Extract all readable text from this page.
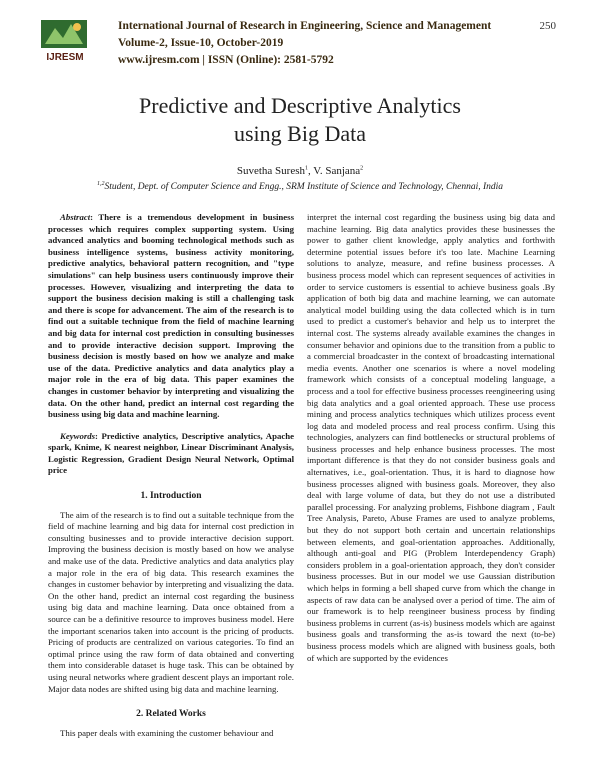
IJRESM
International Journal of Research in Engineering, Science and Management
Volume-2, Issue-10, October-2019
www.ijresm.com | ISSN (Online): 2581-5792
250
Predictive and Descriptive Analytics
using Big Data
Suvetha Suresh$^1$, V. Sanjana$^2$
$^{1,2}$Student, Dept. of Computer Science and Engg., SRM Institute of Science and Technology, Chennai, India

Abstract: There is a tremendous development in business processes which requires complex supporting system. Using advanced analytics and booming technological methods such as business intelligence systems, business activity monitoring, predictive analytics, behavioral pattern recognition, and "type simulations" can help business users continuously improve their processes. However, visualizing and interpreting the data to support the business decision making is still a challenging task and there is scope for advancement. The aim of the research is to find out a suitable technique from the field of machine learning and big data for internal cost prediction in consulting businesses and to provide interactive decision support. Improving the business decision is mostly based on how we analyze and make use of the data. Predictive analytics and data analytics play a major role in the era of big data. This paper examines the changes in customer behavior by interpreting and visualizing the data. On the other hand, predict an internal cost regarding the business using big data and machine learning.

Keywords: Predictive analytics, Descriptive analytics, Apache spark, Knime, K nearest neighbor, Linear Discriminant Analysis, Logistic Regression, Gradient Design Neural Network, Optimal price

1. Introduction

The aim of the research is to find out a suitable technique from the field of machine learning and big data for internal cost prediction in consulting businesses and to provide interactive decision support. Improving the business decision is mostly based on how we analyse and make use of the data. Predictive analytics and data analytics play a major role in the era of big data. This research examines the changes in customer behavior by interpreting and visualizing the data. On the other hand, predict an internal cost regarding the business using big data and machine learning. Data once obtained from a source can be a definitive resource to improves business model. Here the important scenarios taken into account is the pricing of products. Pricing of products are centralized on various categories. To find an optimal prince using the raw form of data obtained and converting them into considerable dataset is huge task. This can be obtained by using neural networks where gradient descent plays an important role. Major data nodes are shifted using big data and machine learning.

2. Related Works

This paper deals with examining the customer behaviour and

interpret the internal cost regarding the business using big data and machine learning. Big data analytics provides these businesses the power to gather client knowledge, apply analytics and forthwith determine potential issues before it's too late. Machine Learning solutions to analyze, measure, and refine business processes. A business process model which can represent sequences of activities in order to service customers is essential to achieve business goals .By application of both big data and machine learning, we can automate analytical model building using the data collected which is in turn used to predict a customer's behavior and help us to interpret the internal cost. The systems already available examines the changes in consumer behavior and opinions due to the transition from a public to a commercial broadcaster in the context of broadcasting international media events. Another one scenarios is where a novel modeling framework which consists of a conceptual modeling language, a process and a tool for effective business processes reengineering using big data analytics and a goal oriented approach. These use process mining and process analytics techniques which utilizes process event log data and modeled process and real process confirm. Using this technologies, analyzers can find bottlenecks or structural problems of business processes and help enhance business processes. The most important difference is that they do not consider business goals and alternatives, i.e., goal-orientation. Thus, it is hard to diagnose how business processes aligned with business goals. Moreover, they also deal with large volume of data, but they do not use a distributed parallel processing. For analyzing problems, Fishbone diagram , Fault Tree Analysis, Pareto, Abuse Frames are used to analyze problems, but they do not support both certain and uncertain relationships between elements, and goal-orientation approaches. Additionally, although anti-goal and PIG (Problem Interdependency Graph) considers problem in a goal-orientation approach, they don't consider business processes. But in our model we use Gaussian distribution which helps in forming a bell shaped curve from which the change in aspects of raw data can be analysed over a period of time. The aim of our framework is to help reengineer business process by finding business problems in current (as-is) business models which are against business goals and transforming the as-is toward the next (to-be) business process models which are aligned with business goals, both of which are supported by the evidences
